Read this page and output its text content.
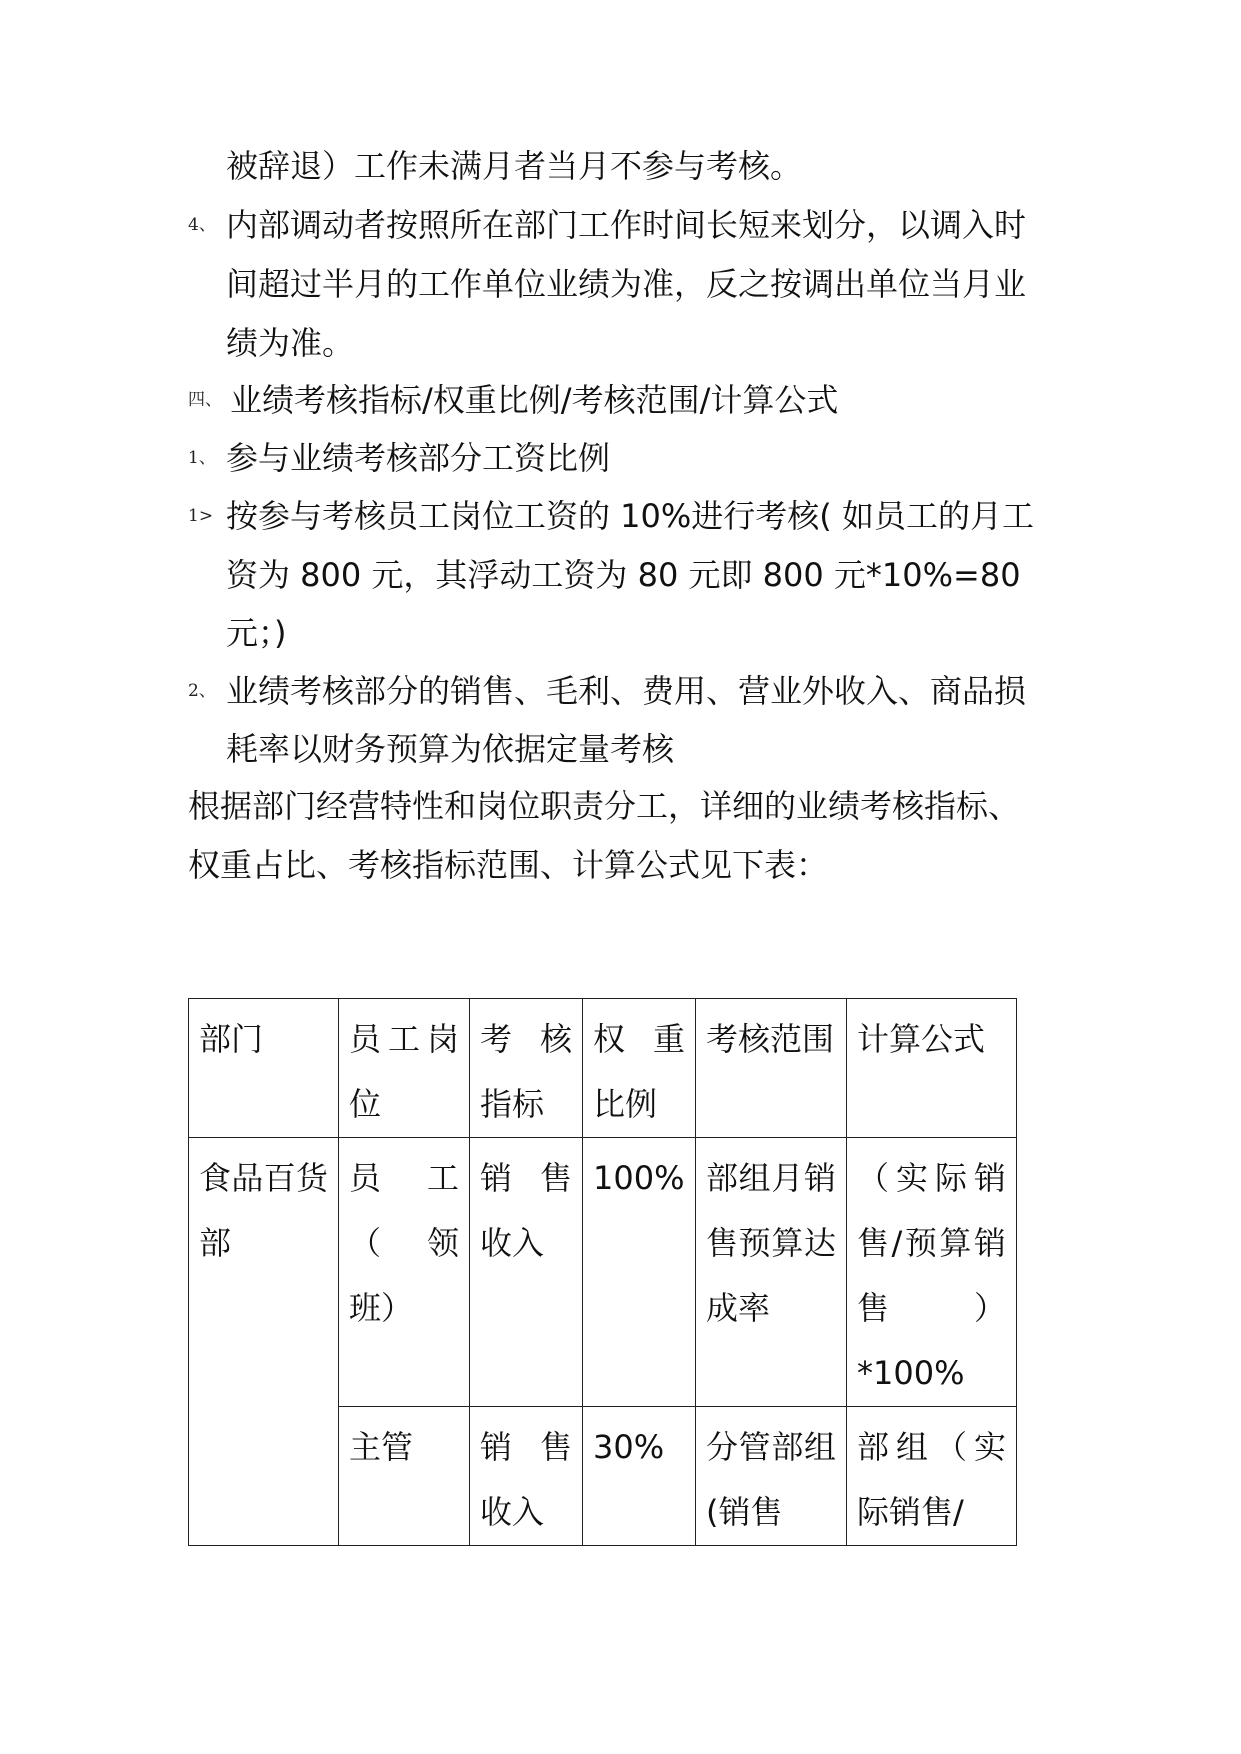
被辞退）工作未满月者当月不参与考核。
4、 内部调动者按照所在部门工作时间长短来划分，以调入时
间超过半月的工作单位业绩为准，反之按调出单位当月业
绩为准。
四、 业绩考核指标/权重比例/考核范围/计算公式
1、 参与业绩考核部分工资比例
1> 按参与考核员工岗位工资的 10%进行考核( 如员工的月工
资为 800 元，其浮动工资为 80 元即 800 元*10%=80
元；)
2、 业绩考核部分的销售、毛利、费用、营业外收入、商品损
耗率以财务预算为依据定量考核
根据部门经营特性和岗位职责分工，详细的业绩考核指标、
权重占比、考核指标范围、计算公式见下表：
部门	员工岗位	考核指标	权重比例	考核范围	计算公式

食品百货部	员工（领班）	销售收入	100%	部组月销售预算达成率	（实际销售/预算销售）*100%

	主管	销售收入	30%	分管部组(销售	部组（实际销售/
